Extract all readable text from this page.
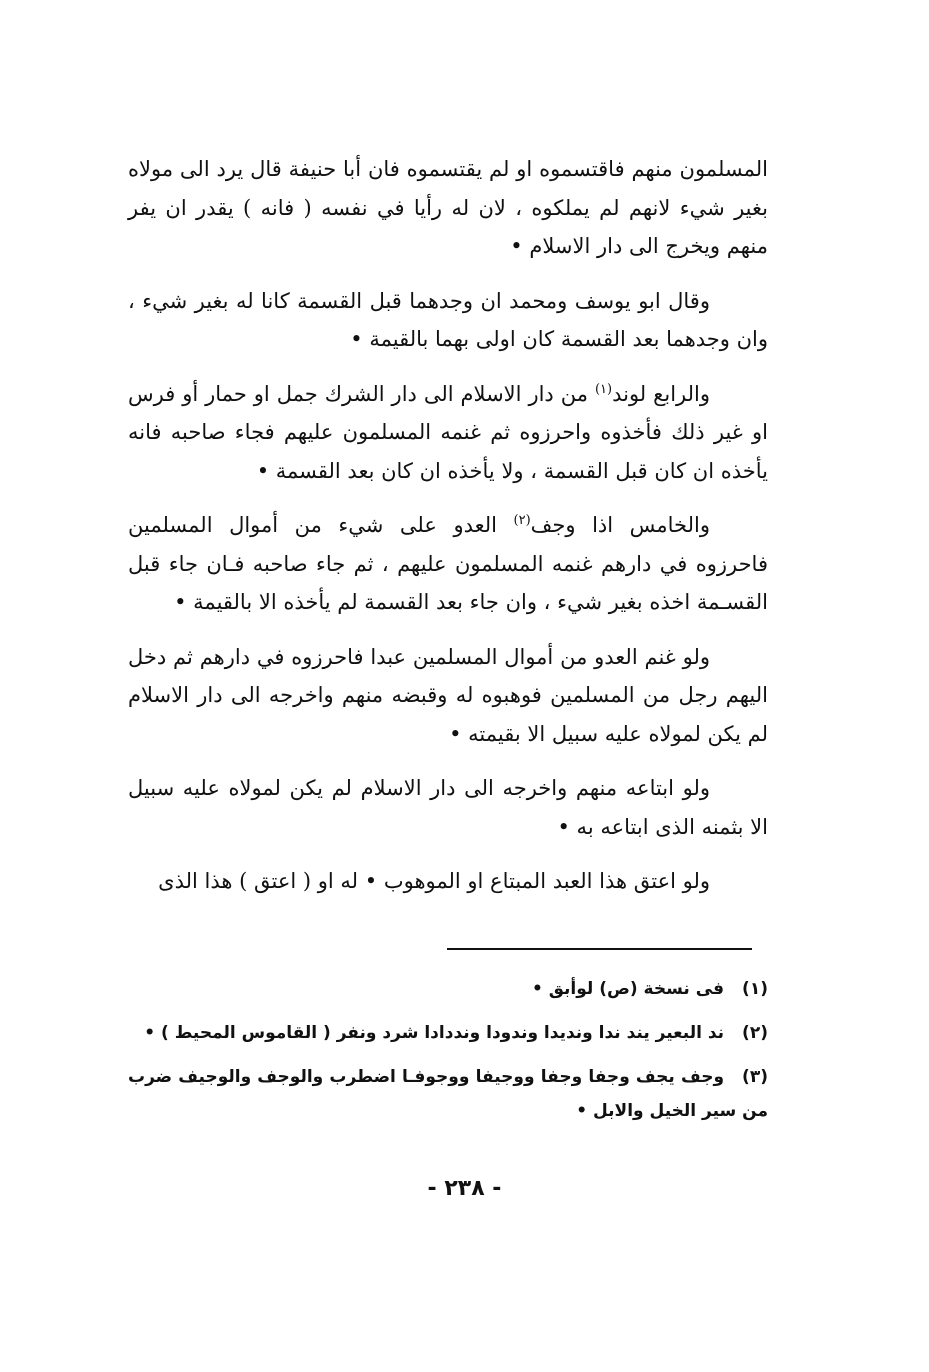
المسلمون منهم فاقتسموه او لم يقتسموه فان أبا حنيفة قال يرد الى مولاه بغير شيء لانهم لم يملكوه ، لان له رأيا في نفسه ( فانه ) يقدر ان يفر منهم ويخرج الى دار الاسلام •

وقال ابو يوسف ومحمد ان وجدهما قبل القسمة كانا له بغير شيء ، وان وجدهما بعد القسمة كان اولى بهما بالقيمة •

والرابع لوند$^{(١)}$ من دار الاسلام الى دار الشرك جمل او حمار أو فرس او غير ذلك فأخذوه واحرزوه ثم غنمه المسلمون عليهم فجاء صاحبه فانه يأخذه ان كان قبل القسمة ، ولا يأخذه ان كان بعد القسمة •

والخامس اذا وجف$^{(٢)}$ العدو على شيء من أموال المسلمين فاحرزوه في دارهم غنمه المسلمون عليهم ، ثم جاء صاحبه فـان جاء قبل القسـمة اخذه بغير شيء ، وان جاء بعد القسمة لم يأخذه الا بالقيمة •

ولو غنم العدو من أموال المسلمين عبدا فاحرزوه في دارهم ثم دخل اليهم رجل من المسلمين فوهبوه له وقبضه منهم واخرجه الى دار الاسلام لم يكن لمولاه عليه سبيل الا بقيمته •

ولو ابتاعه منهم واخرجه الى دار الاسلام لم يكن لمولاه عليه سبيل الا بثمنه الذى ابتاعه به •

ولو اعتق هذا العبد المبتاع او الموهوب • له او ( اعتق ) هذا الذى

(١)فى نسخة (ص) لوأبق •

(٢)ند البعير يند ندا ونديدا وندودا ونددادا شرد ونفر ( القاموس المحيط ) •

(٣)وجف يجف وجفا وجفا ووجيفا ووجوفـا اضطرب والوجف والوجيف ضرب من سير الخيل والابل •

- ٢٣٨ -
